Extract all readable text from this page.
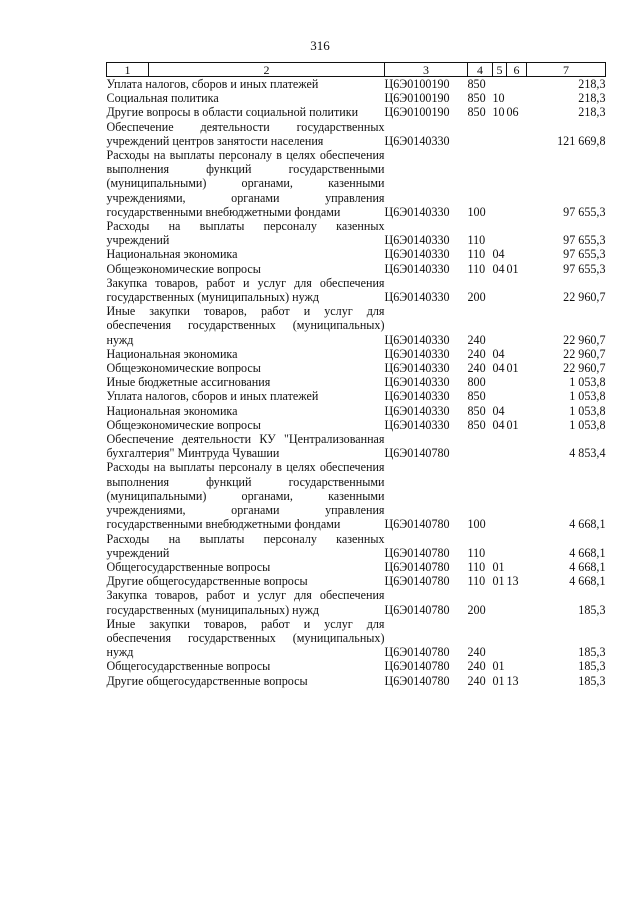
316
1	2	3	4	5	6	7
Уплата налогов, сборов и иных платежей		Ц6Э0100190	850			218,3
Социальная политика		Ц6Э0100190	850	10		218,3
Другие вопросы в области социальной политики		Ц6Э0100190	850	10	06	218,3
Обеспечение деятельности государственных учреждений центров занятости населения		Ц6Э0140330				121 669,8
Расходы на выплаты персоналу в целях обеспечения выполнения функций государственными (муниципальными) органами, казенными учреждениями, органами управления государственными внебюджетными фондами		Ц6Э0140330	100			97 655,3
Расходы на выплаты персоналу казенных учреждений		Ц6Э0140330	110			97 655,3
Национальная экономика		Ц6Э0140330	110	04		97 655,3
Общеэкономические вопросы		Ц6Э0140330	110	04	01	97 655,3
Закупка товаров, работ и услуг для обеспечения государственных (муниципальных) нужд		Ц6Э0140330	200			22 960,7
Иные закупки товаров, работ и услуг для обеспечения государственных (муниципальных) нужд		Ц6Э0140330	240			22 960,7
Национальная экономика		Ц6Э0140330	240	04		22 960,7
Общеэкономические вопросы		Ц6Э0140330	240	04	01	22 960,7
Иные бюджетные ассигнования		Ц6Э0140330	800			1 053,8
Уплата налогов, сборов и иных платежей		Ц6Э0140330	850			1 053,8
Национальная экономика		Ц6Э0140330	850	04		1 053,8
Общеэкономические вопросы		Ц6Э0140330	850	04	01	1 053,8
Обеспечение деятельности КУ "Централизованная бухгалтерия" Минтруда Чувашии		Ц6Э0140780				4 853,4
Расходы на выплаты персоналу в целях обеспечения выполнения функций государственными (муниципальными) органами, казенными учреждениями, органами управления государственными внебюджетными фондами		Ц6Э0140780	100			4 668,1
Расходы на выплаты персоналу казенных учреждений		Ц6Э0140780	110			4 668,1
Общегосударственные вопросы		Ц6Э0140780	110	01		4 668,1
Другие общегосударственные вопросы		Ц6Э0140780	110	01	13	4 668,1
Закупка товаров, работ и услуг для обеспечения государственных (муниципальных) нужд		Ц6Э0140780	200			185,3
Иные закупки товаров, работ и услуг для обеспечения государственных (муниципальных) нужд		Ц6Э0140780	240			185,3
Общегосударственные вопросы		Ц6Э0140780	240	01		185,3
Другие общегосударственные вопросы		Ц6Э0140780	240	01	13	185,3
